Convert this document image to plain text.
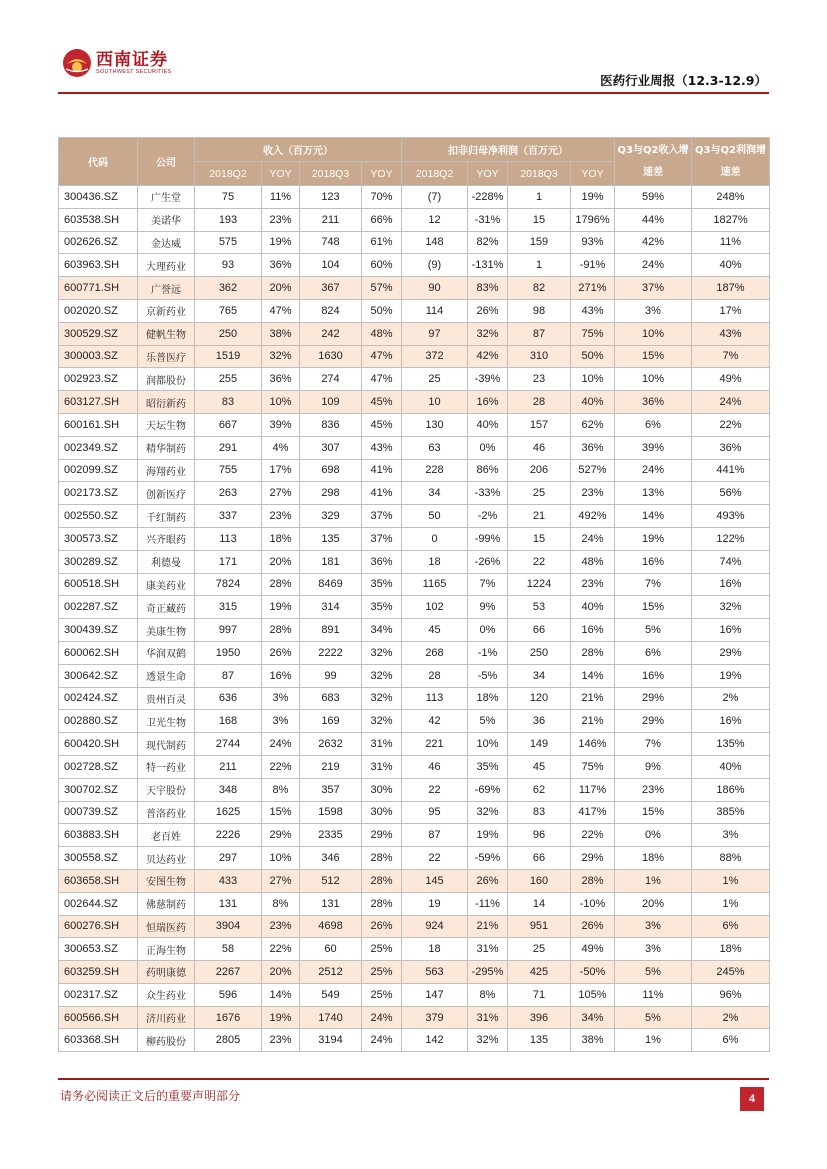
西南证券
SOUTHWEST SECURITIES
医药行业周报（12.3-12.9）
代码	公司	收入（百万元）				扣非归母净利润（百万元）				Q3与Q2收入增速差	Q3与Q2利润增速差
		2018Q2	YOY	2018Q3	YOY	2018Q2	YOY	2018Q3	YOY		
300436.SZ	广生堂	75	11%	123	70%	(7)	-228%	1	19%	59%	248%
603538.SH	美诺华	193	23%	211	66%	12	-31%	15	1796%	44%	1827%
002626.SZ	金达威	575	19%	748	61%	148	82%	159	93%	42%	11%
603963.SH	大理药业	93	36%	104	60%	(9)	-131%	1	-91%	24%	40%
600771.SH	广誉远	362	20%	367	57%	90	83%	82	271%	37%	187%
002020.SZ	京新药业	765	47%	824	50%	114	26%	98	43%	3%	17%
300529.SZ	健帆生物	250	38%	242	48%	97	32%	87	75%	10%	43%
300003.SZ	乐普医疗	1519	32%	1630	47%	372	42%	310	50%	15%	7%
002923.SZ	润都股份	255	36%	274	47%	25	-39%	23	10%	10%	49%
603127.SH	昭衍新药	83	10%	109	45%	10	16%	28	40%	36%	24%
600161.SH	天坛生物	667	39%	836	45%	130	40%	157	62%	6%	22%
002349.SZ	精华制药	291	4%	307	43%	63	0%	46	36%	39%	36%
002099.SZ	海翔药业	755	17%	698	41%	228	86%	206	527%	24%	441%
002173.SZ	创新医疗	263	27%	298	41%	34	-33%	25	23%	13%	56%
002550.SZ	千红制药	337	23%	329	37%	50	-2%	21	492%	14%	493%
300573.SZ	兴齐眼药	113	18%	135	37%	0	-99%	15	24%	19%	122%
300289.SZ	利德曼	171	20%	181	36%	18	-26%	22	48%	16%	74%
600518.SH	康美药业	7824	28%	8469	35%	1165	7%	1224	23%	7%	16%
002287.SZ	奇正藏药	315	19%	314	35%	102	9%	53	40%	15%	32%
300439.SZ	美康生物	997	28%	891	34%	45	0%	66	16%	5%	16%
600062.SH	华润双鹤	1950	26%	2222	32%	268	-1%	250	28%	6%	29%
300642.SZ	透景生命	87	16%	99	32%	28	-5%	34	14%	16%	19%
002424.SZ	贵州百灵	636	3%	683	32%	113	18%	120	21%	29%	2%
002880.SZ	卫光生物	168	3%	169	32%	42	5%	36	21%	29%	16%
600420.SH	现代制药	2744	24%	2632	31%	221	10%	149	146%	7%	135%
002728.SZ	特一药业	211	22%	219	31%	46	35%	45	75%	9%	40%
300702.SZ	天宇股份	348	8%	357	30%	22	-69%	62	117%	23%	186%
000739.SZ	普洛药业	1625	15%	1598	30%	95	32%	83	417%	15%	385%
603883.SH	老百姓	2226	29%	2335	29%	87	19%	96	22%	0%	3%
300558.SZ	贝达药业	297	10%	346	28%	22	-59%	66	29%	18%	88%
603658.SH	安图生物	433	27%	512	28%	145	26%	160	28%	1%	1%
002644.SZ	佛慈制药	131	8%	131	28%	19	-11%	14	-10%	20%	1%
600276.SH	恒瑞医药	3904	23%	4698	26%	924	21%	951	26%	3%	6%
300653.SZ	正海生物	58	22%	60	25%	18	31%	25	49%	3%	18%
603259.SH	药明康德	2267	20%	2512	25%	563	-295%	425	-50%	5%	245%
002317.SZ	众生药业	596	14%	549	25%	147	8%	71	105%	11%	96%
600566.SH	济川药业	1676	19%	1740	24%	379	31%	396	34%	5%	2%
603368.SH	柳药股份	2805	23%	3194	24%	142	32%	135	38%	1%	6%
请务必阅读正文后的重要声明部分	4
